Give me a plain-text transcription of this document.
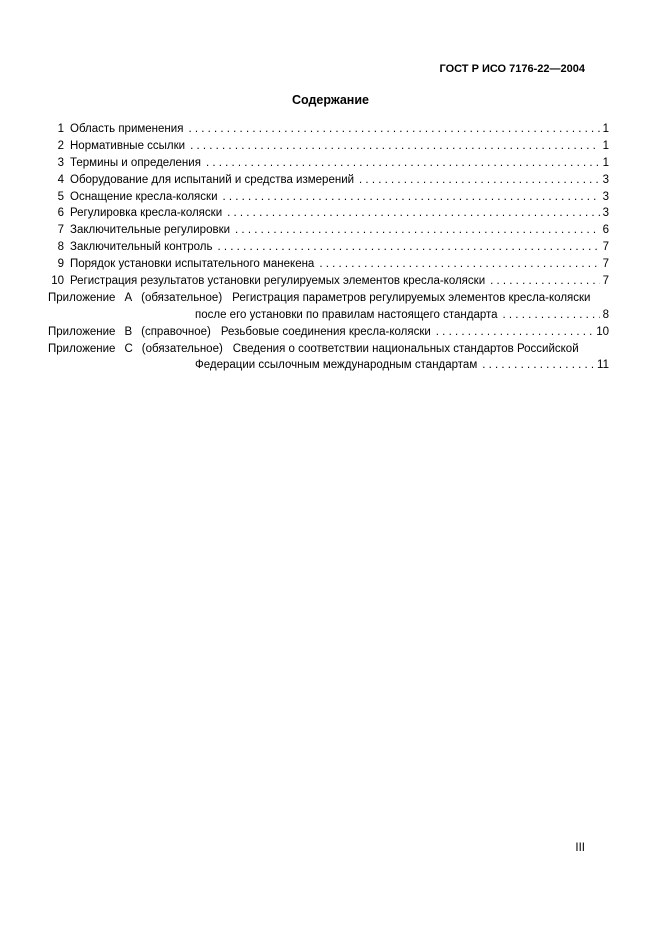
ГОСТ Р ИСО 7176-22—2004
Содержание
1 Область применения . . .	1
2 Нормативные ссылки . . .	1
3 Термины и определения . . .	1
4 Оборудование для испытаний и средства измерений . . .	3
5 Оснащение кресла-коляски . . .	3
6 Регулировка кресла-коляски . . .	3
7 Заключительные регулировки . . .	6
8 Заключительный контроль . . .	7
9 Порядок установки испытательного манекена . . .	7
10 Регистрация результатов установки регулируемых элементов кресла-коляски . . .	7
Приложение А (обязательное) Регистрация параметров регулируемых элементов кресла-коляски
после его установки по правилам настоящего стандарта . . .	8
Приложение В (справочное) Резьбовые соединения кресла-коляски . . .	10
Приложение С (обязательное) Сведения о соответствии национальных стандартов Российской
Федерации ссылочным международным стандартам . . .	11
III
